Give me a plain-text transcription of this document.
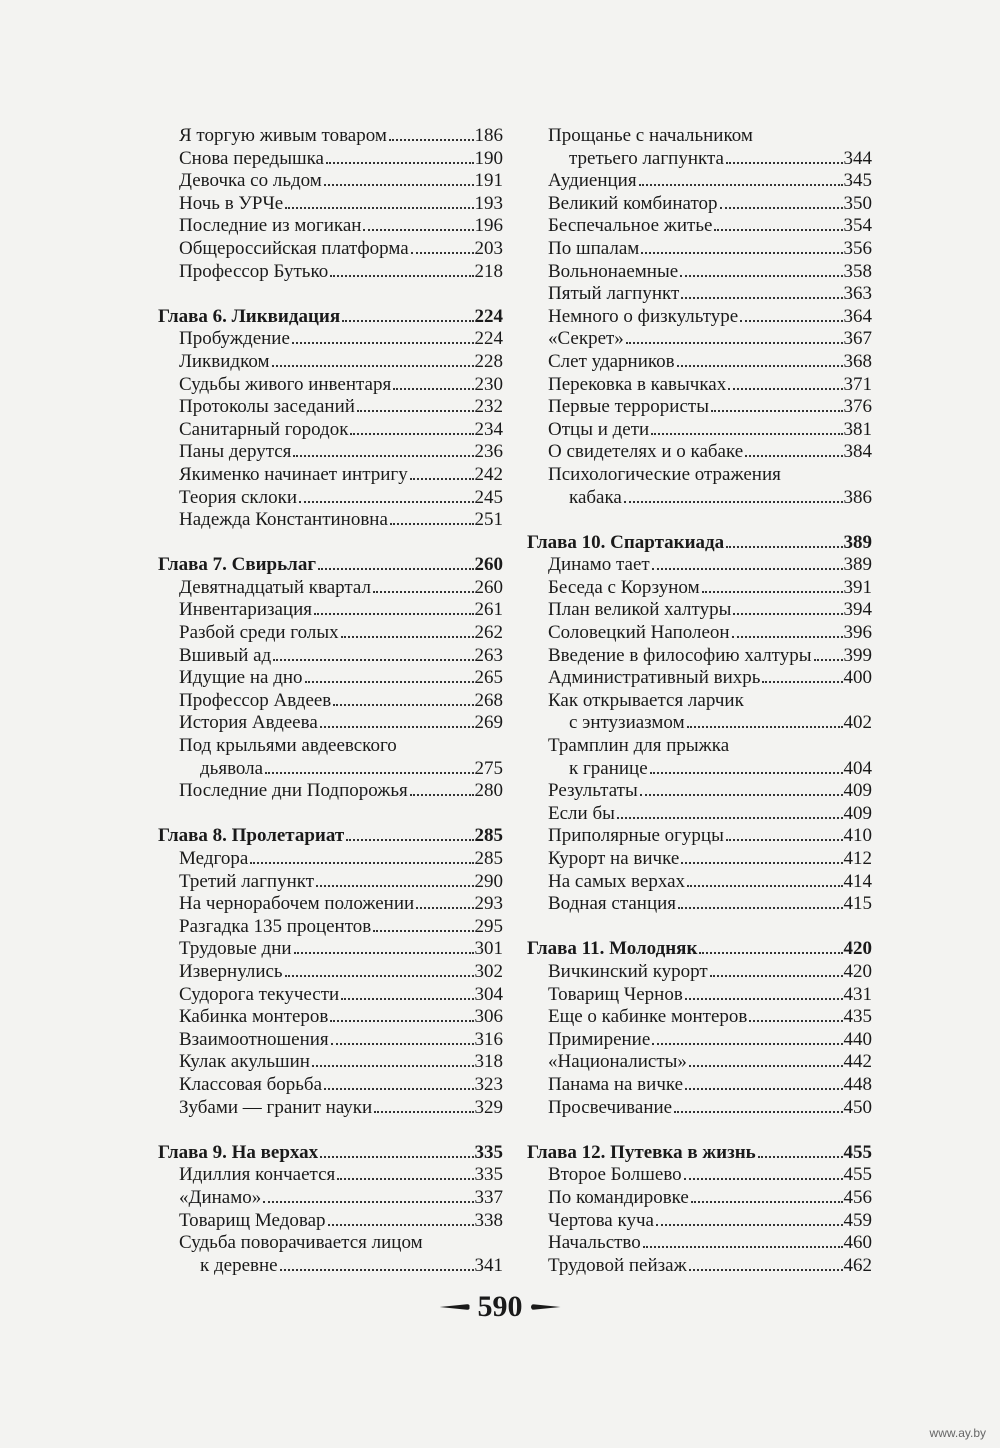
Я торгую живым товаром	186
Снова передышка	190
Девочка со льдом	191
Ночь в УРЧе	193
Последние из могикан	196
Общероссийская платформа	203
Профессор Бутько	218
Глава 6. Ликвидация	224
Пробуждение	224
Ликвидком	228
Судьбы живого инвентаря	230
Протоколы заседаний	232
Санитарный городок	234
Паны дерутся	236
Якименко начинает интригу	242
Теория склоки	245
Надежда Константиновна	251
Глава 7. Свирьлаг	260
Девятнадцатый квартал	260
Инвентаризация	261
Разбой среди голых	262
Вшивый ад	263
Идущие на дно	265
Профессор Авдеев	268
История Авдеева	269
Под крыльями авдеевского
дьявола	275
Последние дни Подпорожья	280
Глава 8. Пролетариат	285
Медгора	285
Третий лагпункт	290
На чернорабочем положении	293
Разгадка 135 процентов	295
Трудовые дни	301
Извернулись	302
Судорога текучести	304
Кабинка монтеров	306
Взаимоотношения	316
Кулак акульшин	318
Классовая борьба	323
Зубами — гранит науки	329
Глава 9. На верхах	335
Идиллия кончается	335
«Динамо»	337
Товарищ Медовар	338
Судьба поворачивается лицом
к деревне	341
Прощанье с начальником
третьего лагпункта	344
Аудиенция	345
Великий комбинатор	350
Беспечальное житье	354
По шпалам	356
Вольнонаемные	358
Пятый лагпункт	363
Немного о физкультуре	364
«Секрет»	367
Слет ударников	368
Перековка в кавычках	371
Первые террористы	376
Отцы и дети	381
О свидетелях и о кабаке	384
Психологические отражения
кабака	386
Глава 10. Спартакиада	389
Динамо тает	389
Беседа с Корзуном	391
План великой халтуры	394
Соловецкий Наполеон	396
Введение в философию халтуры 399
Административный вихрь	400
Как открывается ларчик
с энтузиазмом	402
Трамплин для прыжка
к границе	404
Результаты	409
Если бы	409
Приполярные огурцы	410
Курорт на вичке	412
На самых верхах	414
Водная станция	415
Глава 11. Молодняк	420
Вичкинский курорт	420
Товарищ Чернов	431
Еще о кабинке монтеров	435
Примирение	440
«Националисты»	442
Панама на вичке	448
Просвечивание	450
Глава 12. Путевка в жизнь	455
Второе Болшево	455
По командировке	456
Чертова куча	459
Начальство	460
Трудовой пейзаж	462
590
www.ay.by
